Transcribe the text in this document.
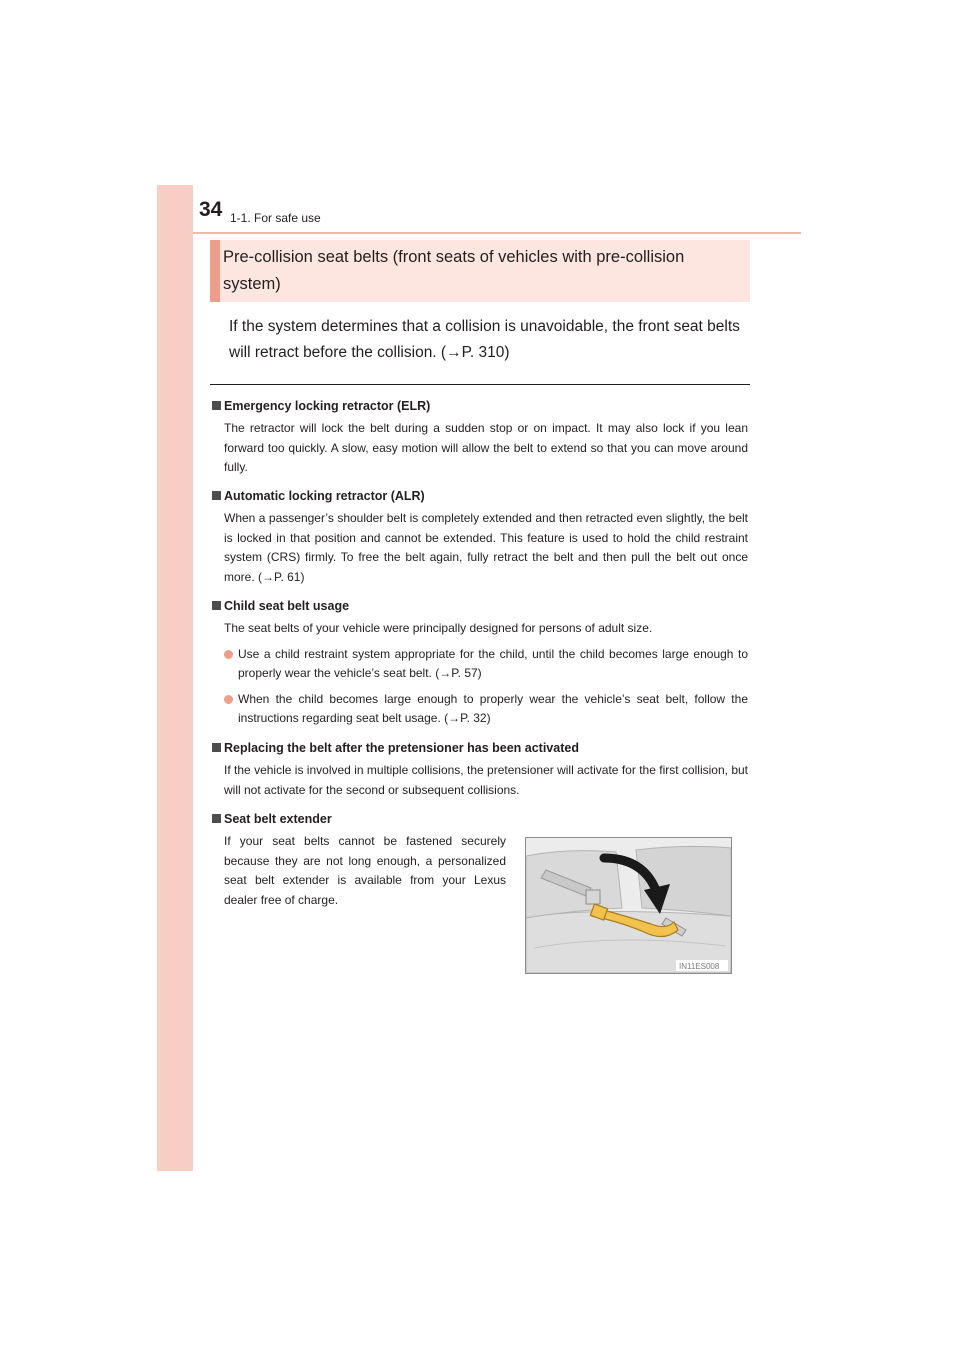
34 1-1. For safe use
Pre-collision seat belts (front seats of vehicles with pre-collision system)
If the system determines that a collision is unavoidable, the front seat belts will retract before the collision. (→P. 310)
Emergency locking retractor (ELR)
The retractor will lock the belt during a sudden stop or on impact. It may also lock if you lean forward too quickly. A slow, easy motion will allow the belt to extend so that you can move around fully.
Automatic locking retractor (ALR)
When a passenger’s shoulder belt is completely extended and then retracted even slightly, the belt is locked in that position and cannot be extended. This feature is used to hold the child restraint system (CRS) firmly. To free the belt again, fully retract the belt and then pull the belt out once more. (→P. 61)
Child seat belt usage
The seat belts of your vehicle were principally designed for persons of adult size.
Use a child restraint system appropriate for the child, until the child becomes large enough to properly wear the vehicle’s seat belt. (→P. 57)
When the child becomes large enough to properly wear the vehicle’s seat belt, follow the instructions regarding seat belt usage. (→P. 32)
Replacing the belt after the pretensioner has been activated
If the vehicle is involved in multiple collisions, the pretensioner will activate for the first collision, but will not activate for the second or subsequent collisions.
Seat belt extender
If your seat belts cannot be fastened securely because they are not long enough, a personalized seat belt extender is available from your Lexus dealer free of charge.
IN11ES008
